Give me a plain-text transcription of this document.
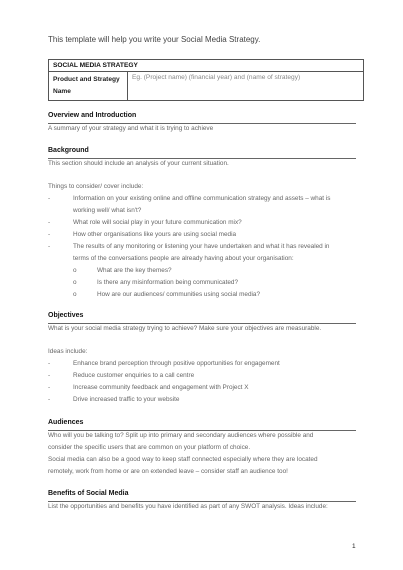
This template will help you write your Social Media Strategy.
SOCIAL MEDIA STRATEGY
Product and Strategy Name	Eg. (Project name) (financial year) and (name of strategy)
Overview and Introduction
A summary of your strategy and what it is trying to achieve
Background
This section should include an analysis of your current situation.
Things to consider/ cover include:
-	Information on your existing online and offline communication strategy and assets – what is
working well/ what isn't?
-	What role will social play in your future communication mix?
-	How other organisations like yours are using social media
-	The results of any monitoring or listening your have undertaken and what it has revealed in
terms of the conversations people are already having about your organisation:
o	What are the key themes?
o	Is there any misinformation being communicated?
o	How are our audiences/ communities using social media?
Objectives
What is your social media strategy trying to achieve? Make sure your objectives are measurable.
Ideas include:
-	Enhance brand perception through positive opportunities for engagement
-	Reduce customer enquiries to a call centre
-	Increase community feedback and engagement with Project X
-	Drive increased traffic to your website
Audiences
Who will you be talking to? Split up into primary and secondary audiences where possible and
consider the specific users that are common on your platform of choice.
Social media can also be a good way to keep staff connected especially where they are located
remotely, work from home or are on extended leave – consider staff an audience too!
Benefits of Social Media
List the opportunities and benefits you have identified as part of any SWOT analysis. Ideas include:
1
